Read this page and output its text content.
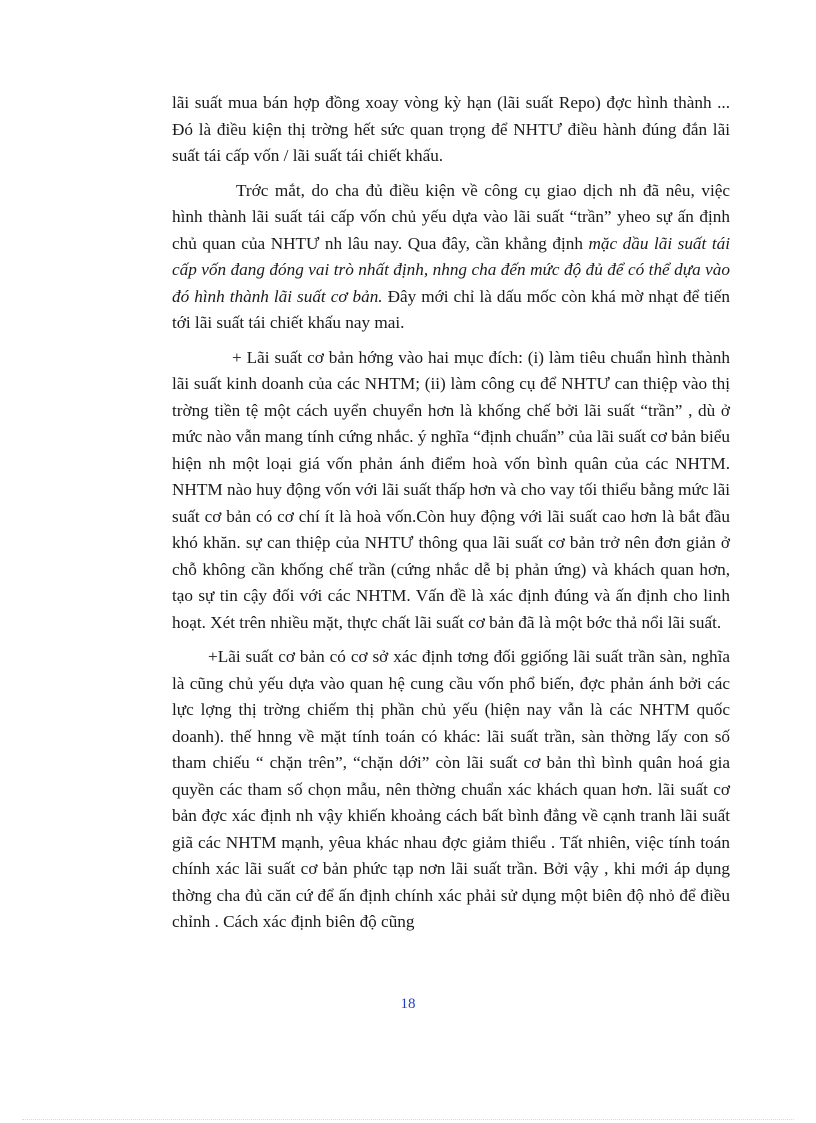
lãi suất mua bán hợp đồng xoay vòng kỳ hạn (lãi suất Repo) đợc hình thành ... Đó là điều kiện thị trờng hết sức quan trọng để NHTƯ điều hành đúng đắn lãi suất tái cấp vốn / lãi suất tái chiết khấu.

Trớc mắt, do cha đủ điều kiện về công cụ giao dịch nh đã nêu, việc hình thành lãi suất tái cấp vốn chủ yếu dựa vào lãi suất “trần” yheo sự ấn định chủ quan của NHTƯ nh lâu nay. Qua đây, cần khẳng định mặc dầu lãi suất tái cấp vốn đang đóng vai trò nhất định, nhng cha đến mức độ đủ để có thể dựa vào đó hình thành lãi suất cơ bản. Đây mới chỉ là dấu mốc còn khá mờ nhạt để tiến tới lãi suất tái chiết khấu nay mai.

+ Lãi suất cơ bản hớng vào hai mục đích: (i) làm tiêu chuẩn hình thành lãi suất kinh doanh của các NHTM; (ii) làm công cụ để NHTƯ can thiệp vào thị trờng tiền tệ một cách uyển chuyển hơn là khống chế bởi lãi suất “trần” , dù ở mức nào vẫn mang tính cứng nhắc. ý nghĩa “định chuẩn” của lãi suất cơ bản biểu hiện nh một loại giá vốn phản ánh điểm hoà vốn bình quân của các NHTM. NHTM nào huy động vốn với lãi suất thấp hơn và cho vay tối thiểu bằng mức lãi suất cơ bản có cơ chí ít là hoà vốn.Còn huy động với lãi suất cao hơn là bắt đầu khó khăn. sự can thiệp của NHTƯ thông qua lãi suất cơ bản trở nên đơn giản ở chỗ không cần khống chế trần (cứng nhắc dễ bị phản ứng) và khách quan hơn, tạo sự tin cậy đối với các NHTM. Vấn đề là xác định đúng và ấn định cho linh hoạt. Xét trên nhiều mặt, thực chất lãi suất cơ bản đã là một bớc thả nổi lãi suất.

+Lãi suất cơ bản có cơ sở xác định tơng đối ggiống lãi suất trần sàn, nghĩa là cũng chủ yếu dựa vào quan hệ cung cầu vốn phổ biến, đợc phản ánh bởi các lực lợng thị trờng chiếm thị phần chủ yếu (hiện nay vẫn là các NHTM quốc doanh). thế hnng về mặt tính toán có khác: lãi suất trần, sàn thờng lấy con số tham chiếu “ chặn trên”, “chặn dới” còn lãi suất cơ bản thì bình quân hoá gia quyền các tham số chọn mẫu, nên thờng chuẩn xác khách quan hơn. lãi suất cơ bản đợc xác định nh vậy khiến khoảng cách bất bình đẳng về cạnh tranh lãi suất giã các NHTM mạnh, yêua khác nhau đợc giảm thiểu . Tất nhiên, việc tính toán chính xác lãi suất cơ bản phức tạp nơn lãi suất trần. Bởi vậy , khi mới áp dụng thờng cha đủ căn cứ để ấn định chính xác phải sử dụng một biên độ nhỏ để điều chỉnh . Cách xác định biên độ cũng

18
